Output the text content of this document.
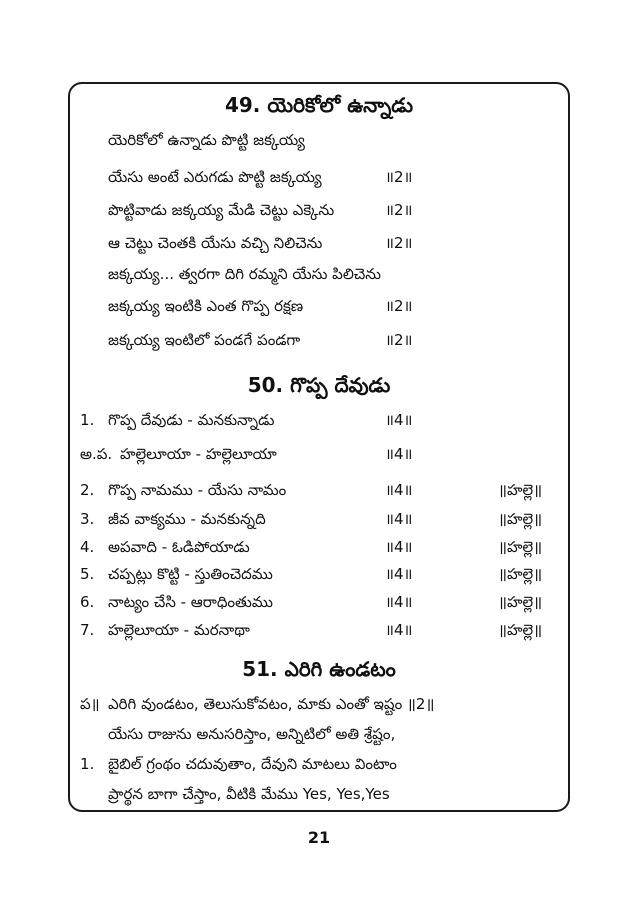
49. యెరికోలో ఉన్నాడు
యెరికోలో ఉన్నాడు పొట్టి జక్కయ్య
యేసు అంటే ఎరుగడు పొట్టి జక్కయ్య	॥2॥
పొట్టివాడు జక్కయ్య మేడి చెట్టు ఎక్కెను	॥2॥
ఆ చెట్టు చెంతకి యేసు వచ్చి నిలిచెను	॥2॥
జక్కయ్య... త్వరగా దిగి రమ్మని యేసు పిలిచెను
జక్కయ్య ఇంటికి ఎంత గొప్ప రక్షణ	॥2॥
జక్కయ్య ఇంటిలో పండగే పండగా	॥2॥
50. గొప్ప దేవుడు
1. గొప్ప దేవుడు - మనకున్నాడు	॥4॥
అ.ప. హల్లెలూయా - హల్లెలూయా	॥4॥
2. గొప్ప నామము - యేసు నామం	॥4॥	॥హల్లె॥
3. జీవ వాక్యము - మనకున్నది	॥4॥	॥హల్లె॥
4. అపవాది - ఓడిపోయాడు	॥4॥	॥హల్లె॥
5. చప్పట్లు కొట్టి - స్తుతించెదము	॥4॥	॥హల్లె॥
6. నాట్యం చేసి - ఆరాధింతుము	॥4॥	॥హల్లె॥
7. హల్లెలూయా - మరనాథా	॥4॥	॥హల్లె॥
51. ఎరిగి ఉండటం
ప॥ ఎరిగి వుండటం, తెలుసుకోవటం, మాకు ఎంతో ఇష్టం ॥2॥
యేసు రాజును అనుసరిస్తాం, అన్నిటిలో అతి శ్రేష్టం,
1. బైబిల్ గ్రంథం చదువుతాం, దేవుని మాటలు వింటాం
ప్రార్థన బాగా చేస్తాం, వీటికి మేము Yes, Yes,Yes
21
